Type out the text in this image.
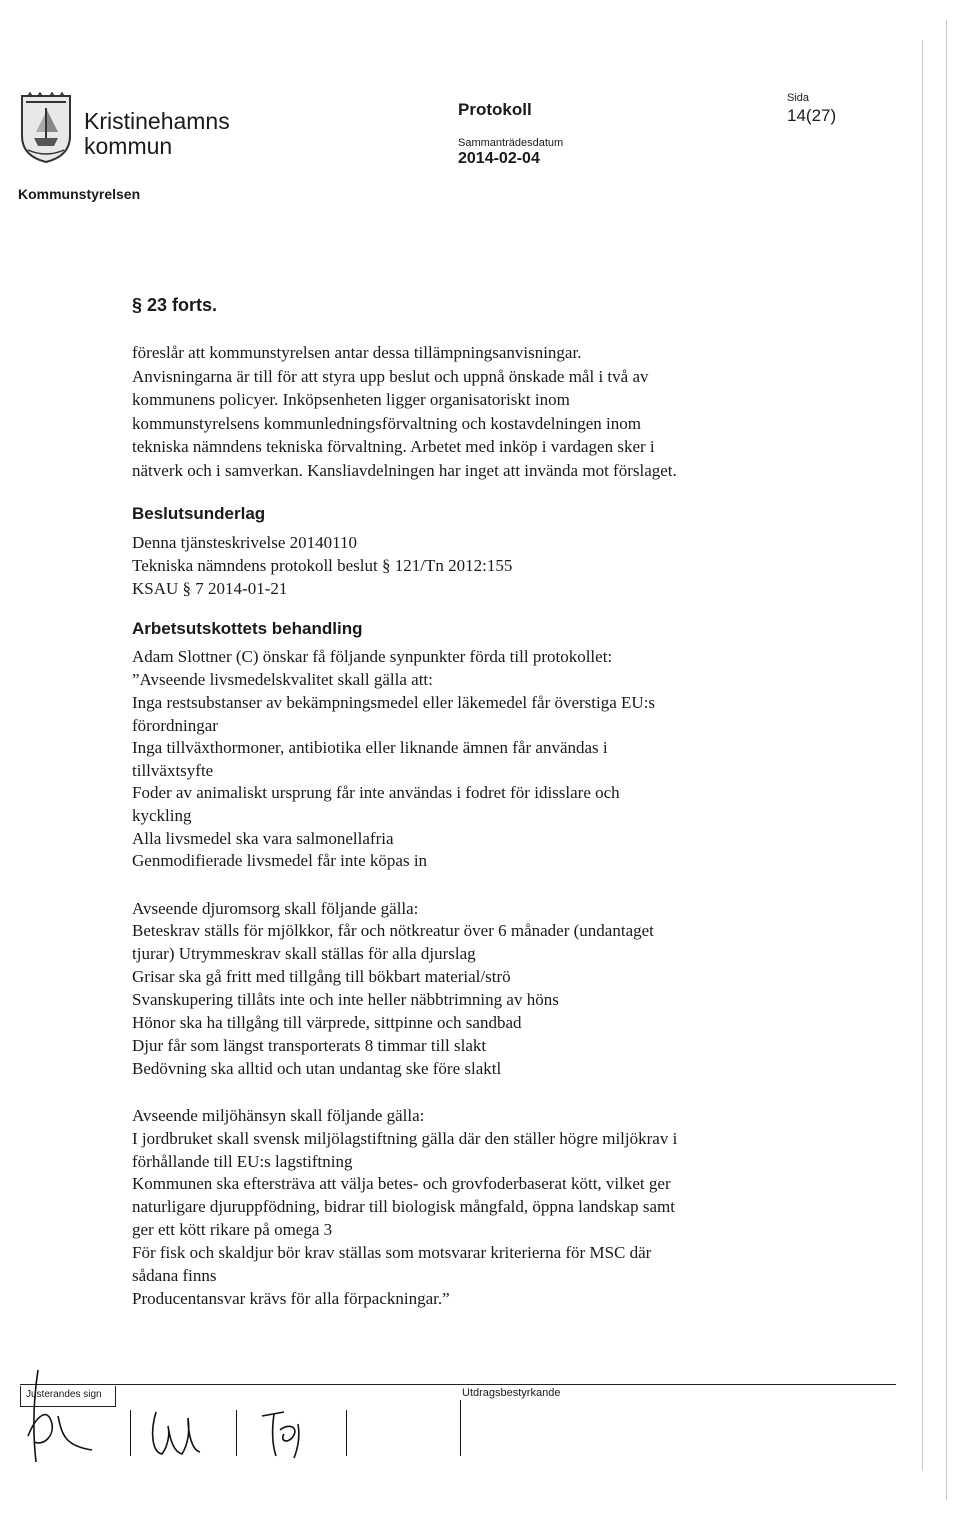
Kristinehamns
kommun
Protokoll
Sammanträdesdatum
2014-02-04
Sida
14(27)
Kommunstyrelsen
§ 23 forts.
föreslår att kommunstyrelsen antar dessa tillämpningsanvisningar.
Anvisningarna är till för att styra upp beslut och uppnå önskade mål i två av
kommunens policyer. Inköpsenheten ligger organisatoriskt inom
kommunstyrelsens kommunledningsförvaltning och kostavdelningen inom
tekniska nämndens tekniska förvaltning. Arbetet med inköp i vardagen sker i
nätverk och i samverkan. Kansliavdelningen har inget att invända mot förslaget.
Beslutsunderlag
Denna tjänsteskrivelse 20140110
Tekniska nämndens protokoll beslut § 121/Tn 2012:155
KSAU § 7 2014-01-21
Arbetsutskottets behandling
Adam Slottner (C) önskar få följande synpunkter förda till protokollet:
”Avseende livsmedelskvalitet skall gälla att:
Inga restsubstanser av bekämpningsmedel eller läkemedel får överstiga EU:s
förordningar
Inga tillväxthormoner, antibiotika eller liknande ämnen får användas i
tillväxtsyfte
Foder av animaliskt ursprung får inte användas i fodret för idisslare och
kyckling
Alla livsmedel ska vara salmonellafria
Genmodifierade livsmedel får inte köpas in
Avseende djuromsorg skall följande gälla:
Beteskrav ställs för mjölkkor, får och nötkreatur över 6 månader (undantaget
tjurar) Utrymmeskrav skall ställas för alla djurslag
Grisar ska gå fritt med tillgång till bökbart material/strö
Svanskupering tillåts inte och inte heller näbbtrimning av höns
Hönor ska ha tillgång till värprede, sittpinne och sandbad
Djur får som längst transporterats 8 timmar till slakt
Bedövning ska alltid och utan undantag ske före slaktl
Avseende miljöhänsyn skall följande gälla:
I jordbruket skall svensk miljölagstiftning gälla där den ställer högre miljökrav i
förhållande till EU:s lagstiftning
Kommunen ska eftersträva att välja betes- och grovfoderbaserat kött, vilket ger
naturligare djuruppfödning, bidrar till biologisk mångfald, öppna landskap samt
ger ett kött rikare på omega 3
För fisk och skaldjur bör krav ställas som motsvarar kriterierna för MSC där
sådana finns
Producentansvar krävs för alla förpackningar.”
Justerandes sign	Utdragsbestyrkande
